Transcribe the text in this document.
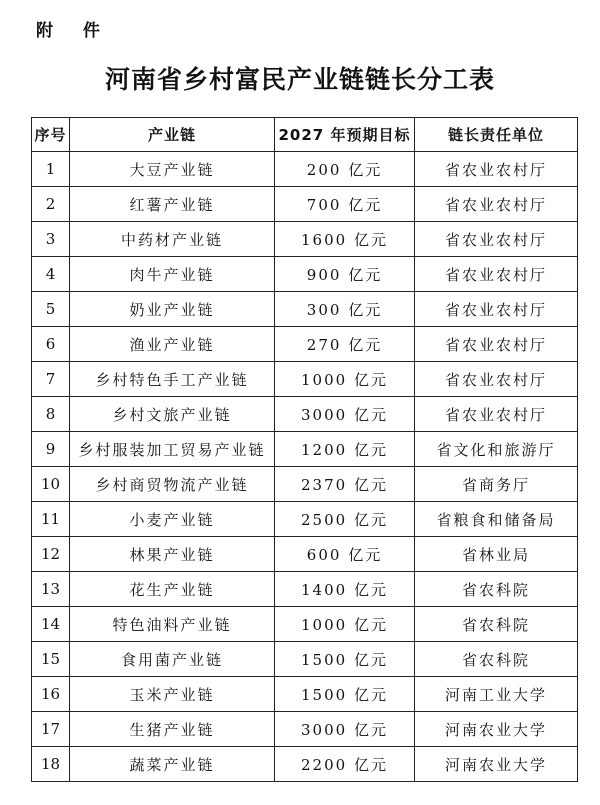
附 件
河南省乡村富民产业链链长分工表
序号	产业链	2027 年预期目标	链长责任单位
1	大豆产业链	200 亿元	省农业农村厅
2	红薯产业链	700 亿元	省农业农村厅
3	中药材产业链	1600 亿元	省农业农村厅
4	肉牛产业链	900 亿元	省农业农村厅
5	奶业产业链	300 亿元	省农业农村厅
6	渔业产业链	270 亿元	省农业农村厅
7	乡村特色手工产业链	1000 亿元	省农业农村厅
8	乡村文旅产业链	3000 亿元	省农业农村厅
9	乡村服装加工贸易产业链	1200 亿元	省文化和旅游厅
10	乡村商贸物流产业链	2370 亿元	省商务厅
11	小麦产业链	2500 亿元	省粮食和储备局
12	林果产业链	600 亿元	省林业局
13	花生产业链	1400 亿元	省农科院
14	特色油料产业链	1000 亿元	省农科院
15	食用菌产业链	1500 亿元	省农科院
16	玉米产业链	1500 亿元	河南工业大学
17	生猪产业链	3000 亿元	河南农业大学
18	蔬菜产业链	2200 亿元	河南农业大学
